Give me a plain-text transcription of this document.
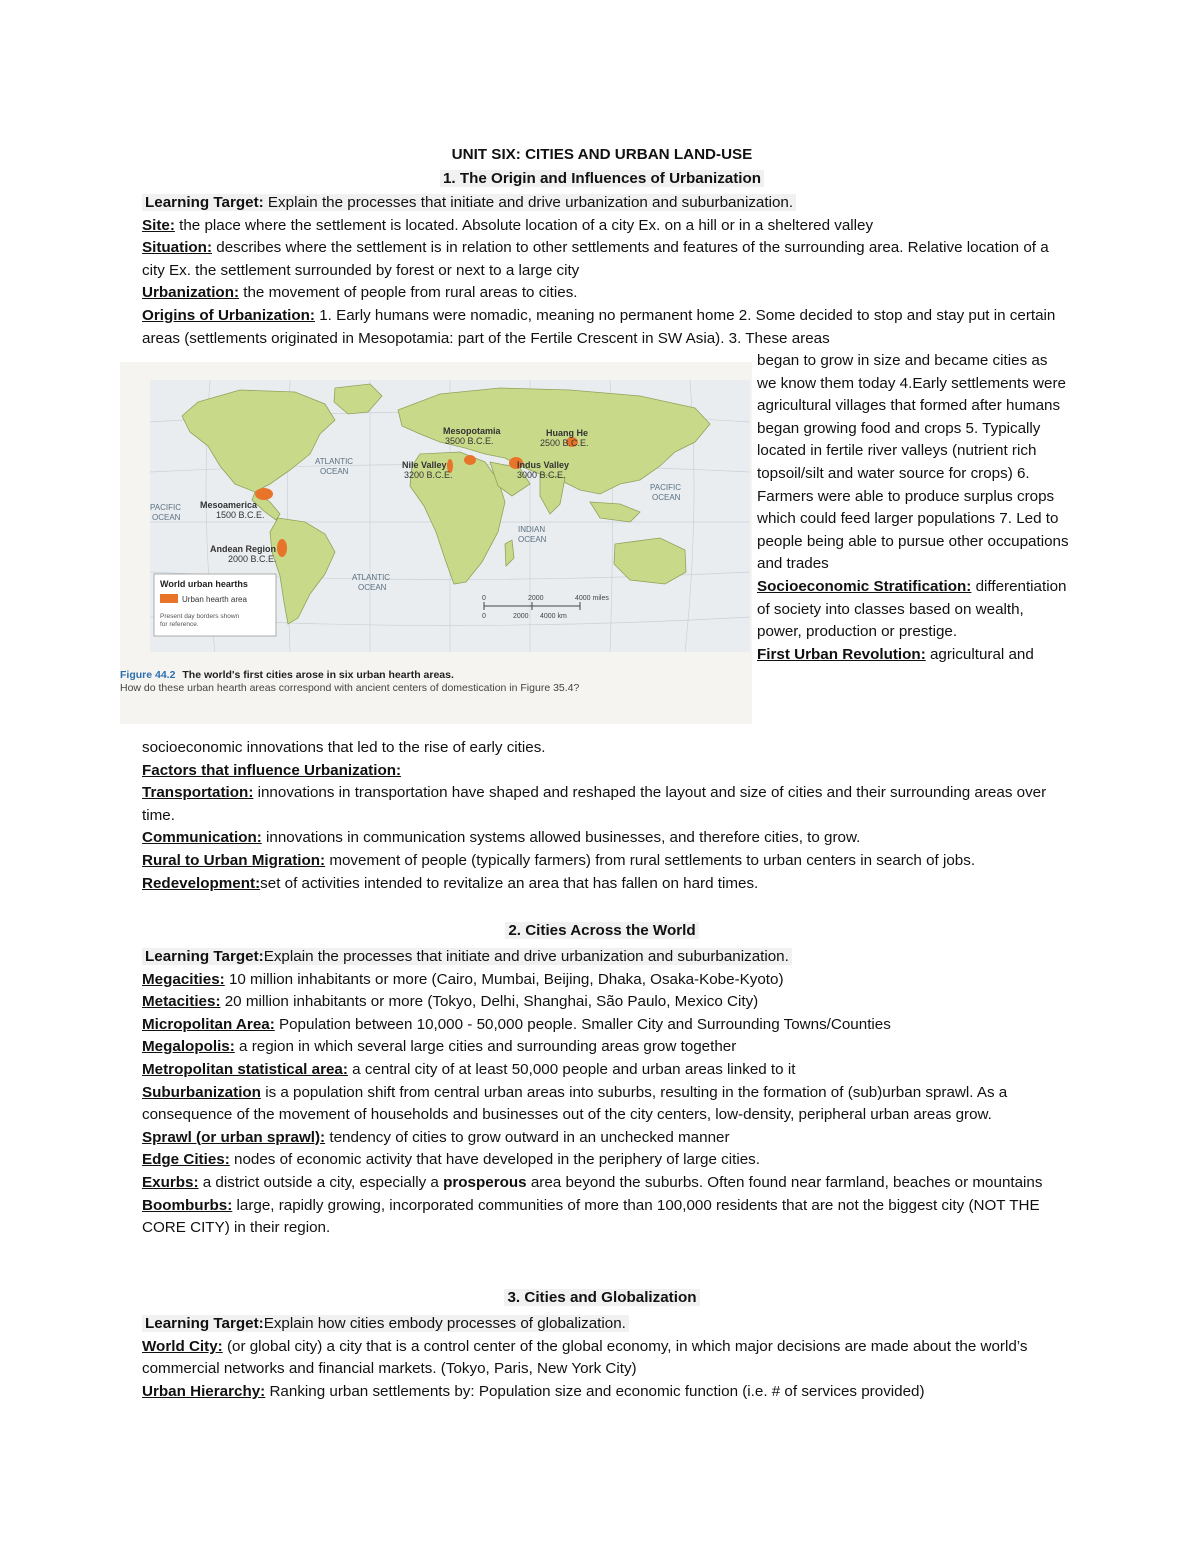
UNIT SIX: CITIES AND URBAN LAND-USE
1. The Origin and Influences of Urbanization

Learning Target: Explain the processes that initiate and drive urbanization and suburbanization.

Site: the place where the settlement is located. Absolute location of a city Ex. on a hill or in a sheltered valley

Situation: describes where the settlement is in relation to other settlements and features of the surrounding area. Relative location of a city Ex. the settlement surrounded by forest or next to a large city

Urbanization: the movement of people from rural areas to cities.

Origins of Urbanization: 1. Early humans were nomadic, meaning no permanent home 2. Some decided to stop and stay put in certain areas (settlements originated in Mesopotamia: part of the Fertile Crescent in SW Asia). 3. These areas

Mesopotamia
3500 B.C.E.
Huang He
2500 B.C.E.
Nile Valley
3200 B.C.E.
Indus Valley
3000 B.C.E.
Mesoamerica
1500 B.C.E.
Andean Region
2000 B.C.E.
ATLANTIC
OCEAN
ATLANTIC
OCEAN
PACIFIC
OCEAN
PACIFIC
OCEAN
INDIAN
OCEAN
World urban hearths
Urban hearth area
Present day borders shown
for reference.
0	2000	4000 miles
0	2000 4000 km
Figure 44.2 The world's first cities arose in six urban hearth areas.
How do these urban hearth areas correspond with ancient centers of domestication in Figure 35.4?

began to grow in size and became cities as we know them today 4.Early settlements were agricultural villages that formed after humans began growing food and crops 5. Typically located in fertile river valleys (nutrient rich topsoil/silt and water source for crops) 6. Farmers were able to produce surplus crops which could feed larger populations 7. Led to people being able to pursue other occupations and trades

Socioeconomic Stratification: differentiation of society into classes based on wealth, power, production or prestige.

First Urban Revolution: agricultural and

socioeconomic innovations that led to the rise of early cities.

Factors that influence Urbanization:

Transportation: innovations in transportation have shaped and reshaped the layout and size of cities and their surrounding areas over time.

Communication: innovations in communication systems allowed businesses, and therefore cities, to grow.

Rural to Urban Migration: movement of people (typically farmers) from rural settlements to urban centers in search of jobs.

Redevelopment:set of activities intended to revitalize an area that has fallen on hard times.

2. Cities Across the World

Learning Target:Explain the processes that initiate and drive urbanization and suburbanization.

Megacities: 10 million inhabitants or more (Cairo, Mumbai, Beijing, Dhaka, Osaka-Kobe-Kyoto)

Metacities: 20 million inhabitants or more (Tokyo, Delhi, Shanghai, São Paulo, Mexico City)

Micropolitan Area: Population between 10,000 - 50,000 people. Smaller City and Surrounding Towns/Counties

Megalopolis: a region in which several large cities and surrounding areas grow together

Metropolitan statistical area: a central city of at least 50,000 people and urban areas linked to it

Suburbanization is a population shift from central urban areas into suburbs, resulting in the formation of (sub)urban sprawl. As a consequence of the movement of households and businesses out of the city centers, low-density, peripheral urban areas grow.

Sprawl (or urban sprawl): tendency of cities to grow outward in an unchecked manner

Edge Cities: nodes of economic activity that have developed in the periphery of large cities.

Exurbs: a district outside a city, especially a prosperous area beyond the suburbs. Often found near farmland, beaches or mountains

Boomburbs: large, rapidly growing, incorporated communities of more than 100,000 residents that are not the biggest city (NOT THE CORE CITY) in their region.

3. Cities and Globalization

Learning Target:Explain how cities embody processes of globalization.

World City: (or global city) a city that is a control center of the global economy, in which major decisions are made about the world’s commercial networks and financial markets. (Tokyo, Paris, New York City)

Urban Hierarchy: Ranking urban settlements by: Population size and economic function (i.e. # of services provided)
